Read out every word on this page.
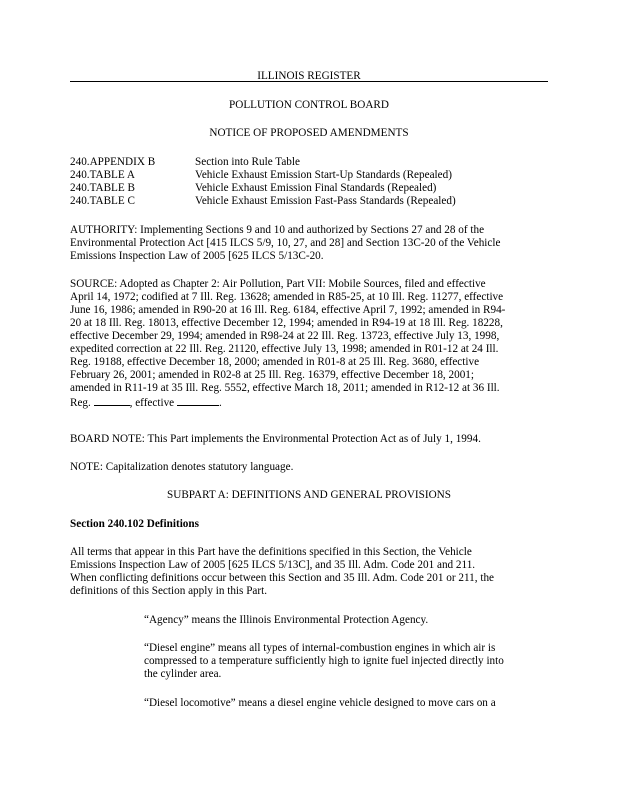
ILLINOIS REGISTER
POLLUTION CONTROL BOARD
NOTICE OF PROPOSED AMENDMENTS
240.APPENDIX B	Section into Rule Table
240.TABLE A	Vehicle Exhaust Emission Start-Up Standards (Repealed)
240.TABLE B	Vehicle Exhaust Emission Final Standards (Repealed)
240.TABLE C	Vehicle Exhaust Emission Fast-Pass Standards (Repealed)
AUTHORITY: Implementing Sections 9 and 10 and authorized by Sections 27 and 28 of the
Environmental Protection Act [415 ILCS 5/9, 10, 27, and 28] and Section 13C-20 of the Vehicle
Emissions Inspection Law of 2005 [625 ILCS 5/13C-20.
SOURCE: Adopted as Chapter 2: Air Pollution, Part VII: Mobile Sources, filed and effective
April 14, 1972; codified at 7 Ill. Reg. 13628; amended in R85-25, at 10 Ill. Reg. 11277, effective
June 16, 1986; amended in R90-20 at 16 Ill. Reg. 6184, effective April 7, 1992; amended in R94-
20 at 18 Ill. Reg. 18013, effective December 12, 1994; amended in R94-19 at 18 Ill. Reg. 18228,
effective December 29, 1994; amended in R98-24 at 22 Ill. Reg. 13723, effective July 13, 1998,
expedited correction at 22 Ill. Reg. 21120, effective July 13, 1998; amended in R01-12 at 24 Ill.
Reg. 19188, effective December 18, 2000; amended in R01-8 at 25 Ill. Reg. 3680, effective
February 26, 2001; amended in R02-8 at 25 Ill. Reg. 16379, effective December 18, 2001;
amended in R11-19 at 35 Ill. Reg. 5552, effective March 18, 2011; amended in R12-12 at 36 Ill.
Reg.	, effective	.
BOARD NOTE: This Part implements the Environmental Protection Act as of July 1, 1994.
NOTE: Capitalization denotes statutory language.
SUBPART A: DEFINITIONS AND GENERAL PROVISIONS
Section 240.102 Definitions
All terms that appear in this Part have the definitions specified in this Section, the Vehicle
Emissions Inspection Law of 2005 [625 ILCS 5/13C], and 35 Ill. Adm. Code 201 and 211.
When conflicting definitions occur between this Section and 35 Ill. Adm. Code 201 or 211, the
definitions of this Section apply in this Part.
“Agency” means the Illinois Environmental Protection Agency.
“Diesel engine” means all types of internal-combustion engines in which air is
compressed to a temperature sufficiently high to ignite fuel injected directly into
the cylinder area.
“Diesel locomotive” means a diesel engine vehicle designed to move cars on a
